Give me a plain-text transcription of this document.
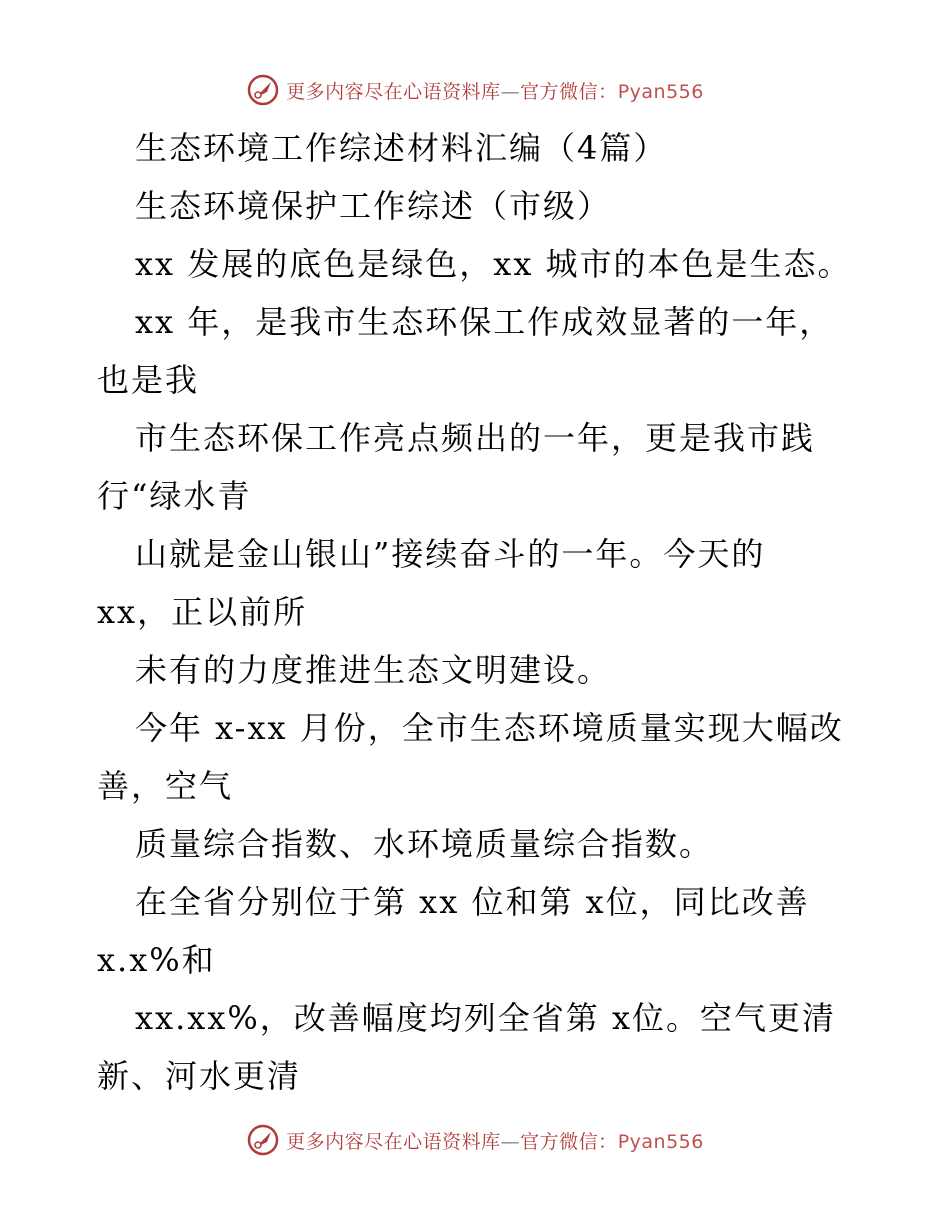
更多内容尽在心语资料库—官方微信：Pyan556
生态环境工作综述材料汇编（4篇）
生态环境保护工作综述（市级）
xx 发展的底色是绿色，xx 城市的本色是生态。
xx 年，是我市生态环保工作成效显著的一年，
也是我
市生态环保工作亮点频出的一年，更是我市践
行“绿水青
山就是金山银山”接续奋斗的一年。今天的
xx，正以前所
未有的力度推进生态文明建设。
今年 x-xx 月份，全市生态环境质量实现大幅改
善，空气
质量综合指数、水环境质量综合指数。
在全省分别位于第 xx 位和第 x位，同比改善
x.x%和
xx.xx%，改善幅度均列全省第 x位。空气更清
新、河水更清
更多内容尽在心语资料库—官方微信：Pyan556
